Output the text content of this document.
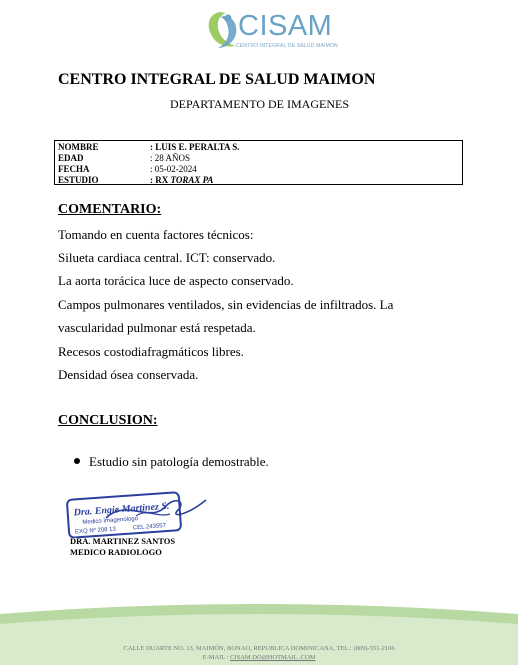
CISAM
CENTRO INTEGRAL DE SALUD MAIMON
CENTRO INTEGRAL DE SALUD MAIMON
DEPARTAMENTO DE IMAGENES
NOMBRE	: LUIS E. PERALTA S.
EDAD	: 28 AÑOS
FECHA	: 05-02-2024
ESTUDIO	: RX TORAX PA
COMENTARIO:
Tomando en cuenta factores técnicos:
Silueta cardiaca central. ICT: conservado.
La aorta torácica luce de aspecto conservado.
Campos pulmonares ventilados, sin evidencias de infiltrados. La
vascularidad pulmonar está respetada.
Recesos costodiafragmáticos libres.
Densidad ósea conservada.
CONCLUSION:
Estudio sin patología demostrable.
Dra. Engie Martinez S.
Medico Imagenologo
EXQ Nº 208 13	CEL 243557
DRA. MARTINEZ SANTOS
MEDICO RADIOLOGO
CALLE DUARTE NO. 13, MAIMÓN, BONAO, REPUBLICA DOMINICANA, TEL.: (809)-551-2106
E-MAIL : CISAM.DO@HOTMAIL .COM
